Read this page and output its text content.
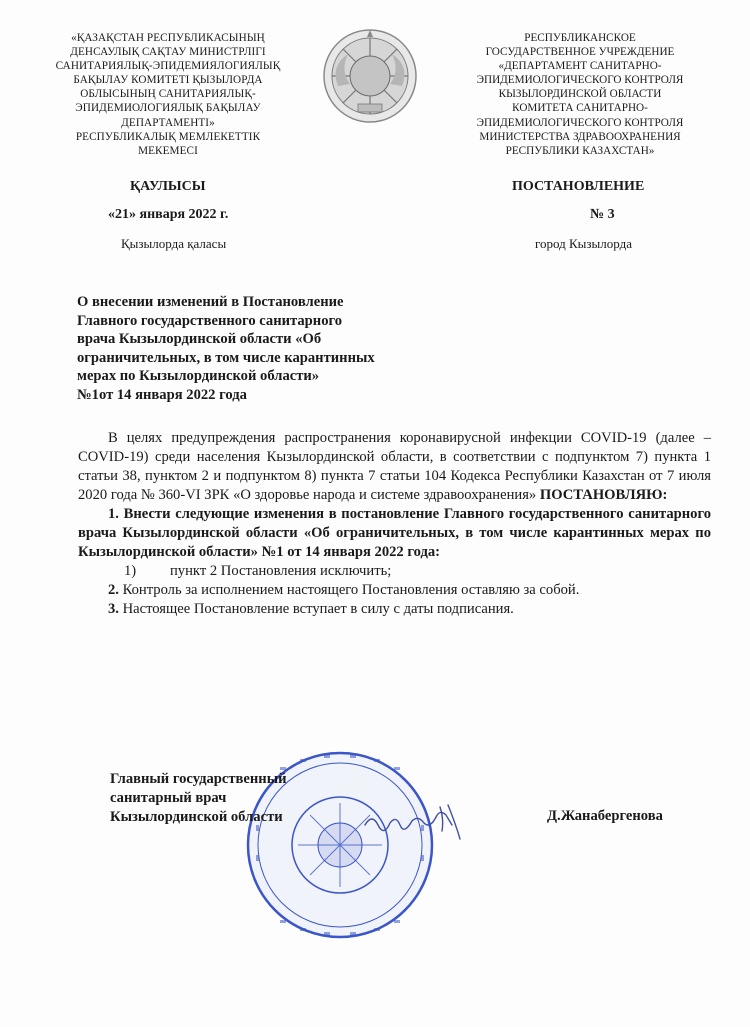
«ҚАЗАҚСТАН РЕСПУБЛИКАСЫНЫҢ
ДЕНСАУЛЫҚ САҚТАУ МИНИСТРЛІГІ
САНИТАРИЯЛЫҚ-ЭПИДЕМИЯЛОГИЯЛЫҚ
БАҚЫЛАУ КОМИТЕТІ ҚЫЗЫЛОРДА
ОБЛЫСЫНЫҢ САНИТАРИЯЛЫҚ-
ЭПИДЕМИОЛОГИЯЛЫҚ БАҚЫЛАУ
ДЕПАРТАМЕНТІ»
РЕСПУБЛИКАЛЫҚ МЕМЛЕКЕТТІК
МЕКЕМЕСІ
РЕСПУБЛИКАНСКОЕ
ГОСУДАРСТВЕННОЕ УЧРЕЖДЕНИЕ
«ДЕПАРТАМЕНТ САНИТАРНО-
ЭПИДЕМИОЛОГИЧЕСКОГО КОНТРОЛЯ
КЫЗЫЛОРДИНСКОЙ ОБЛАСТИ
КОМИТЕТА САНИТАРНО-
ЭПИДЕМИОЛОГИЧЕСКОГО КОНТРОЛЯ
МИНИСТЕРСТВА ЗДРАВООХРАНЕНИЯ
РЕСПУБЛИКИ КАЗАХСТАН»
ҚАУЛЫСЫ	ПОСТАНОВЛЕНИЕ
«21» января 2022 г.	№ 3
Қызылорда қаласы	город Кызылорда
О внесении изменений в Постановление
Главного государственного санитарного
врача Кызылординской области «Об
ограничительных, в том числе карантинных
мерах по Кызылординской области»
№1от 14 января 2022 года
В целях предупреждения распространения коронавирусной инфекции COVID-19 (далее – COVID-19) среди населения Кызылординской области, в соответствии с подпунктом 7) пункта 1 статьи 38, пунктом 2 и подпунктом 8) пункта 7 статьи 104 Кодекса Республики Казахстан от 7 июля 2020 года № 360-VI ЗРК «О здоровье народа и системе здравоохранения» ПОСТАНОВЛЯЮ:
1. Внести следующие изменения в постановление Главного государственного санитарного врача Кызылординской области «Об ограничительных, в том числе карантинных мерах по Кызылординской области» №1 от 14 января 2022 года:
1) пункт 2 Постановления исключить;
2. Контроль за исполнением настоящего Постановления оставляю за собой.
3. Настоящее Постановление вступает в силу с даты подписания.
Главный государственный
санитарный врач
Кызылординской области	Д.Жанабергенова
